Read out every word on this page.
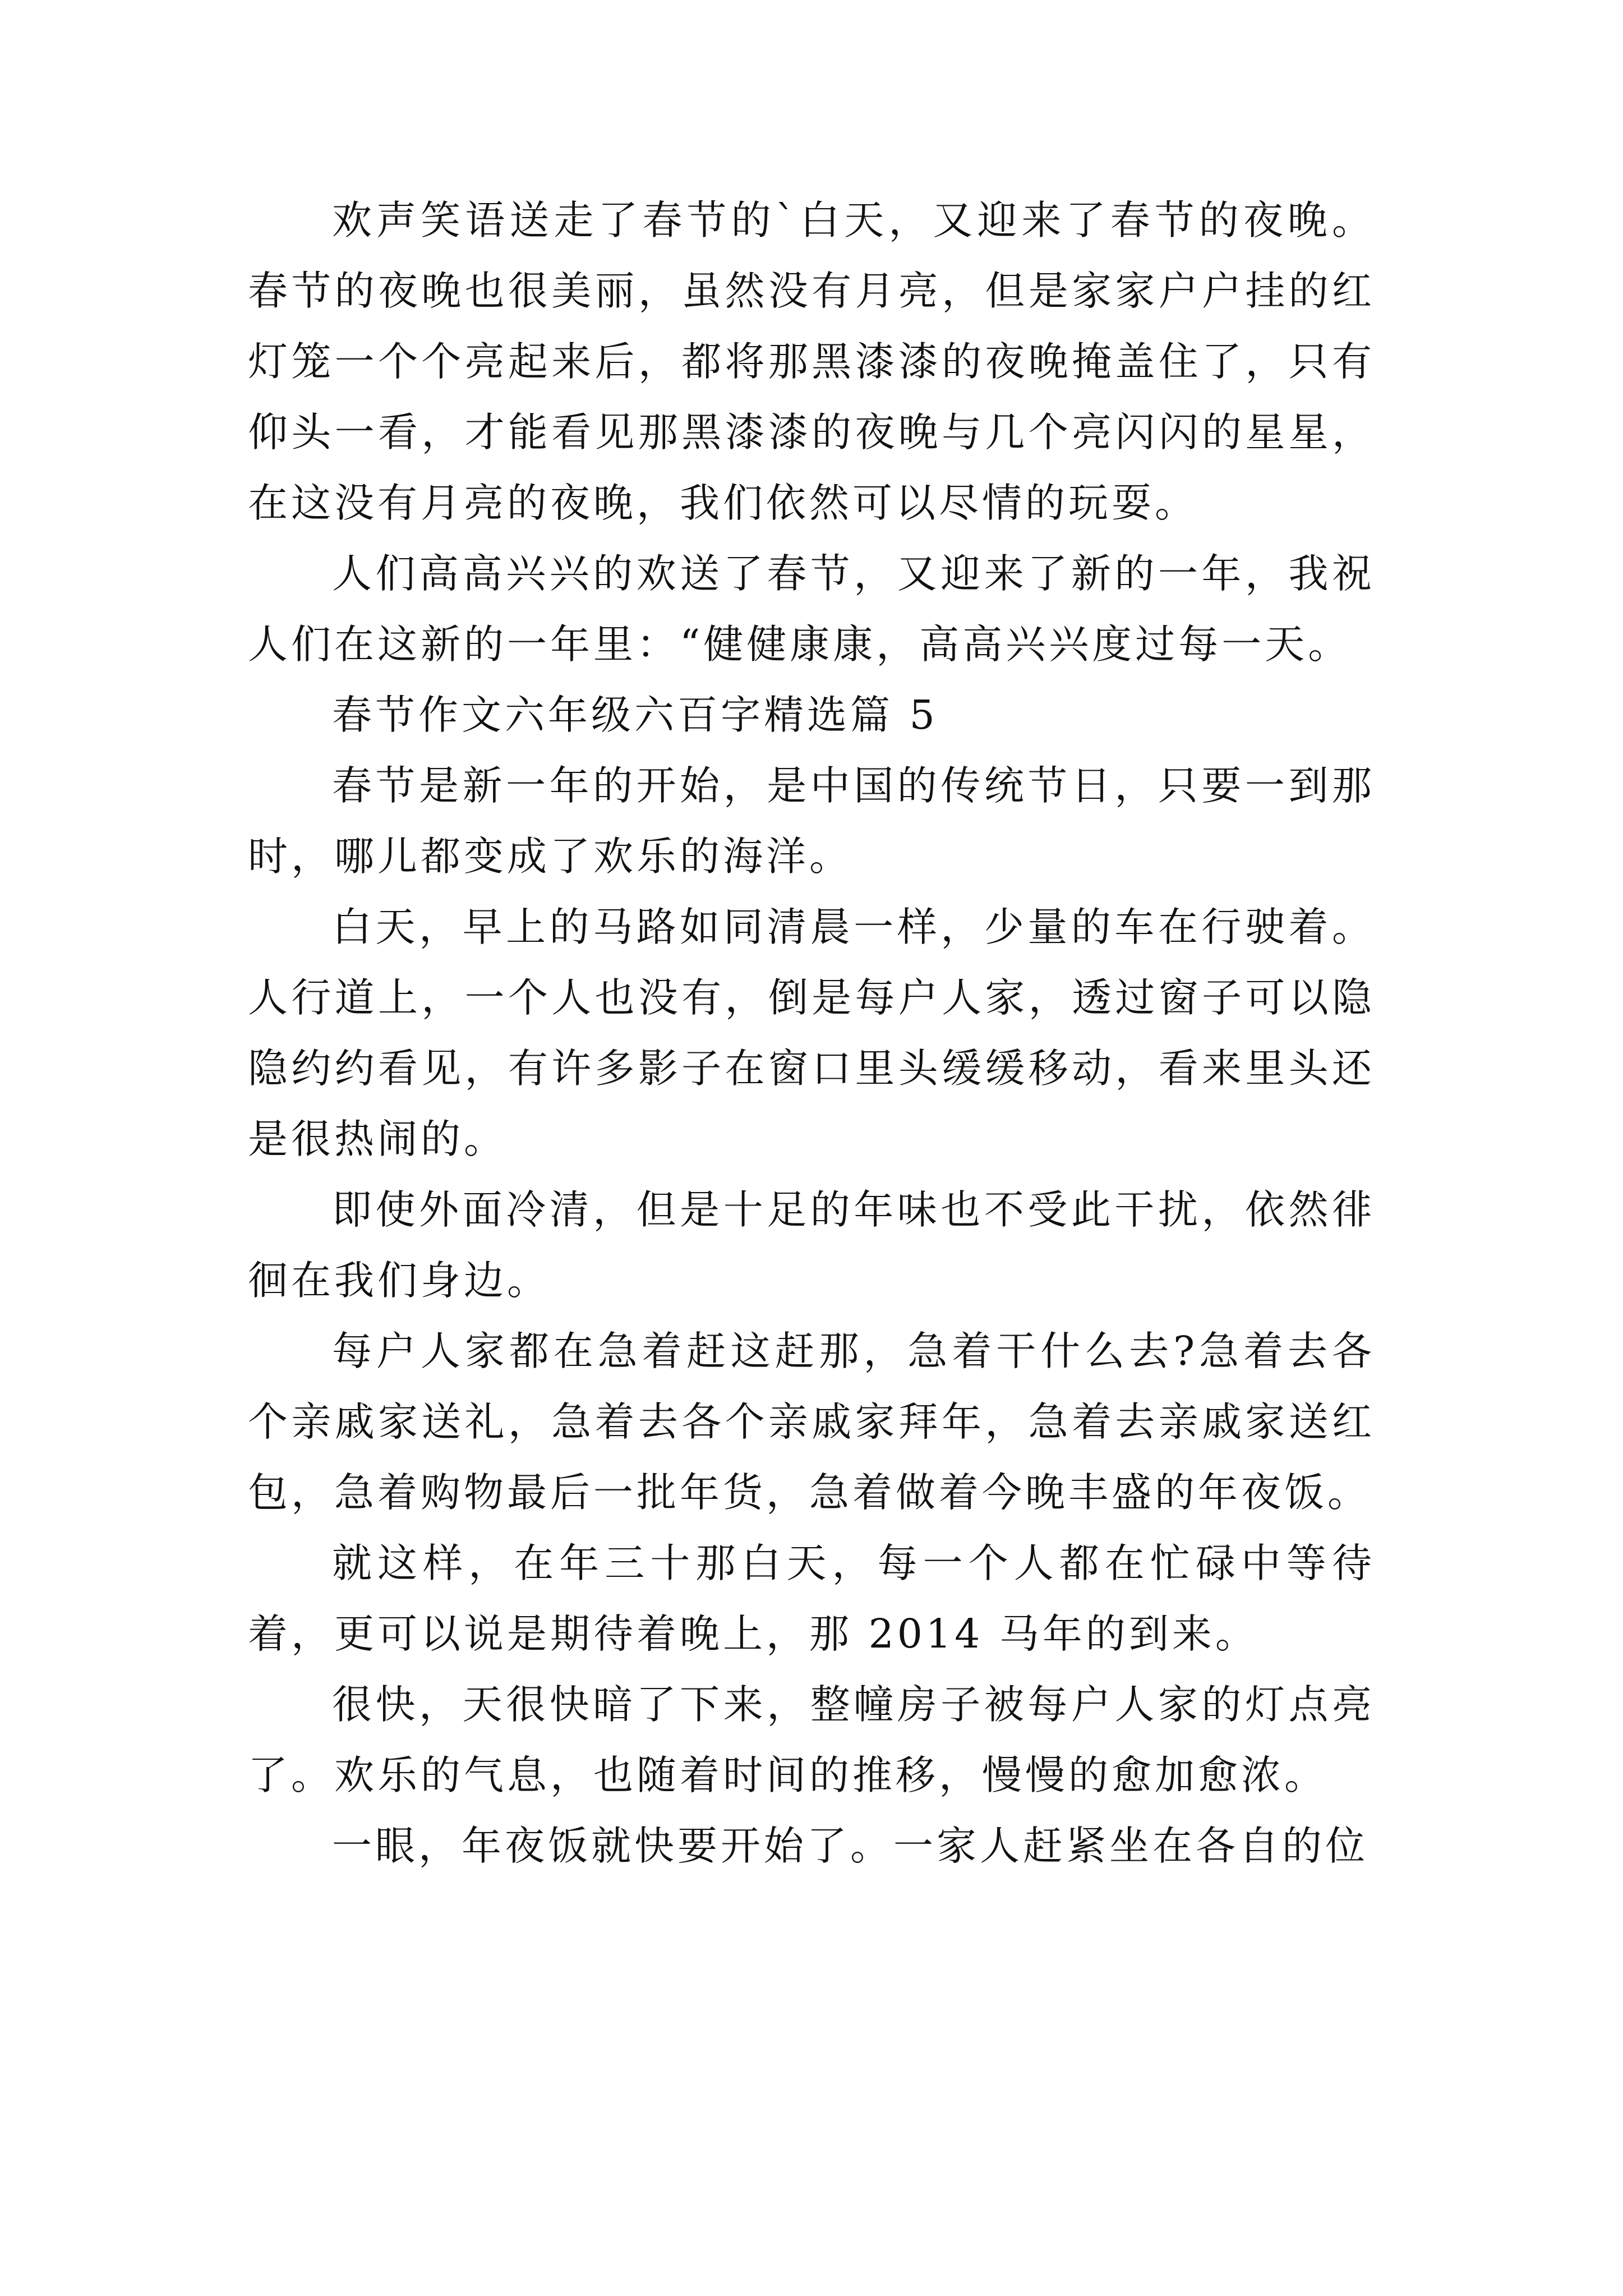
欢声笑语送走了春节的`白天，又迎来了春节的夜晚。春节的夜晚也很美丽，虽然没有月亮，但是家家户户挂的红灯笼一个个亮起来后，都将那黑漆漆的夜晚掩盖住了，只有仰头一看，才能看见那黑漆漆的夜晚与几个亮闪闪的星星，在这没有月亮的夜晚，我们依然可以尽情的玩耍。

人们高高兴兴的欢送了春节，又迎来了新的一年，我祝人们在这新的一年里：“健健康康，高高兴兴度过每一天。

春节作文六年级六百字精选篇 5

春节是新一年的开始，是中国的传统节日，只要一到那时，哪儿都变成了欢乐的海洋。

白天，早上的马路如同清晨一样，少量的车在行驶着。人行道上，一个人也没有，倒是每户人家，透过窗子可以隐隐约约看见，有许多影子在窗口里头缓缓移动，看来里头还是很热闹的。

即使外面冷清，但是十足的年味也不受此干扰，依然徘徊在我们身边。

每户人家都在急着赶这赶那，急着干什么去?急着去各个亲戚家送礼，急着去各个亲戚家拜年，急着去亲戚家送红包，急着购物最后一批年货，急着做着今晚丰盛的年夜饭。

就这样，在年三十那白天，每一个人都在忙碌中等待着，更可以说是期待着晚上，那 2014 马年的到来。

很快，天很快暗了下来，整幢房子被每户人家的灯点亮了。欢乐的气息，也随着时间的推移，慢慢的愈加愈浓。

一眼，年夜饭就快要开始了。一家人赶紧坐在各自的位
